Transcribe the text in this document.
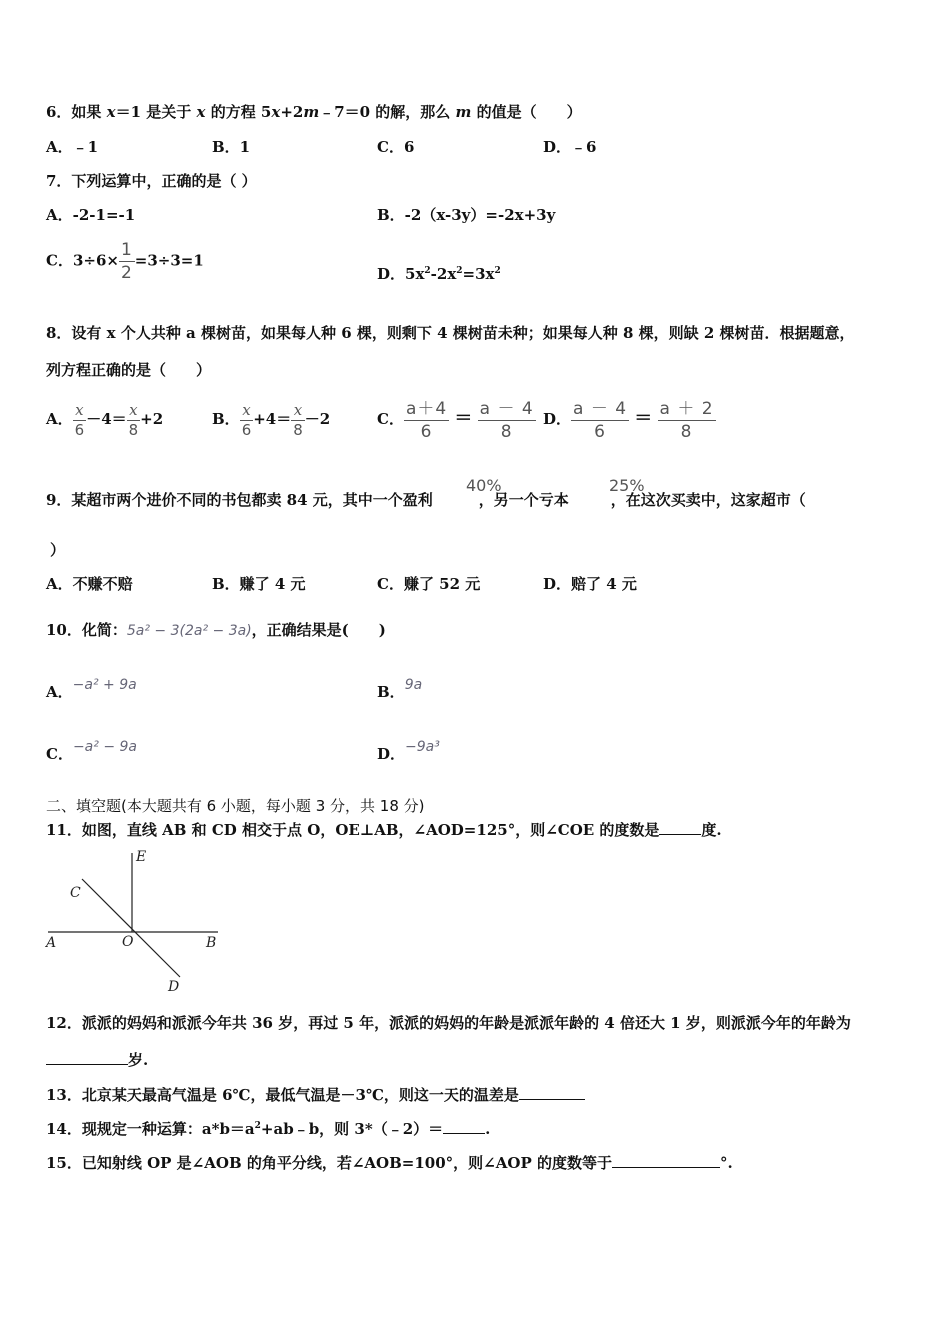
6．如果 x＝1 是关于 x 的方程 5x+2m﹣7＝0 的解，那么 m 的值是（　　）
A．﹣1	B．1	C．6	D．﹣6
7．下列运算中，正确的是（ ）
A．-2-1=-1	B．-2（x-3y）=-2x+3y
C．$3\div 6\times \frac{1}{2} =3\div 3=1$
D．$5x^2-2x^2=3x^2$
8．设有 x 个人共种 a 棵树苗，如果每人种 6 棵，则剩下 4 棵树苗未种；如果每人种 8 棵，则缺 2 棵树苗．根据题意，
列方程正确的是（　　）
A． $\frac{x}{6} -4= \frac{x}{8} +2$	B． $\frac{x}{6} +4= \frac{x}{8} -2$	C． $\frac{a+4}{6} = \frac{a - 4}{8}$ D． $\frac{a - 4}{6} = \frac{a + 2}{8}$
9．某超市两个进价不同的书包都卖 84 元，其中一个盈利	，另一个亏本	，在这次买卖中，这家超市（
40%	25%
）
A．不赚不赔	B．赚了 4 元	C．赚了 52 元	D．赔了 4 元
10．化简：5a² − 3(2a² − 3a)，正确结果是(　　)
A．−a² + 9a	B．9a
C．−a² − 9a	D．−9a³
二、填空题(本大题共有 6 小题，每小题 3 分，共 18 分)
11．如图，直线 AB 和 CD 相交于点 O，OE⊥AB，∠AOD=125°，则∠COE 的度数是	度.
E
C
A	O	B
D
12．派派的妈妈和派派今年共 36 岁，再过 5 年，派派的妈妈的年龄是派派年龄的 4 倍还大 1 岁，则派派今年的年龄为
岁.
13．北京某天最高气温是 6℃，最低气温是－3℃，则这一天的温差是
14．现规定一种运算：$a*b=a^2+ab﹣b$，则 3*（﹣2）＝	.
15．已知射线 OP 是∠AOB 的角平分线，若∠AOB=100°，则∠AOP 的度数等于	°.
